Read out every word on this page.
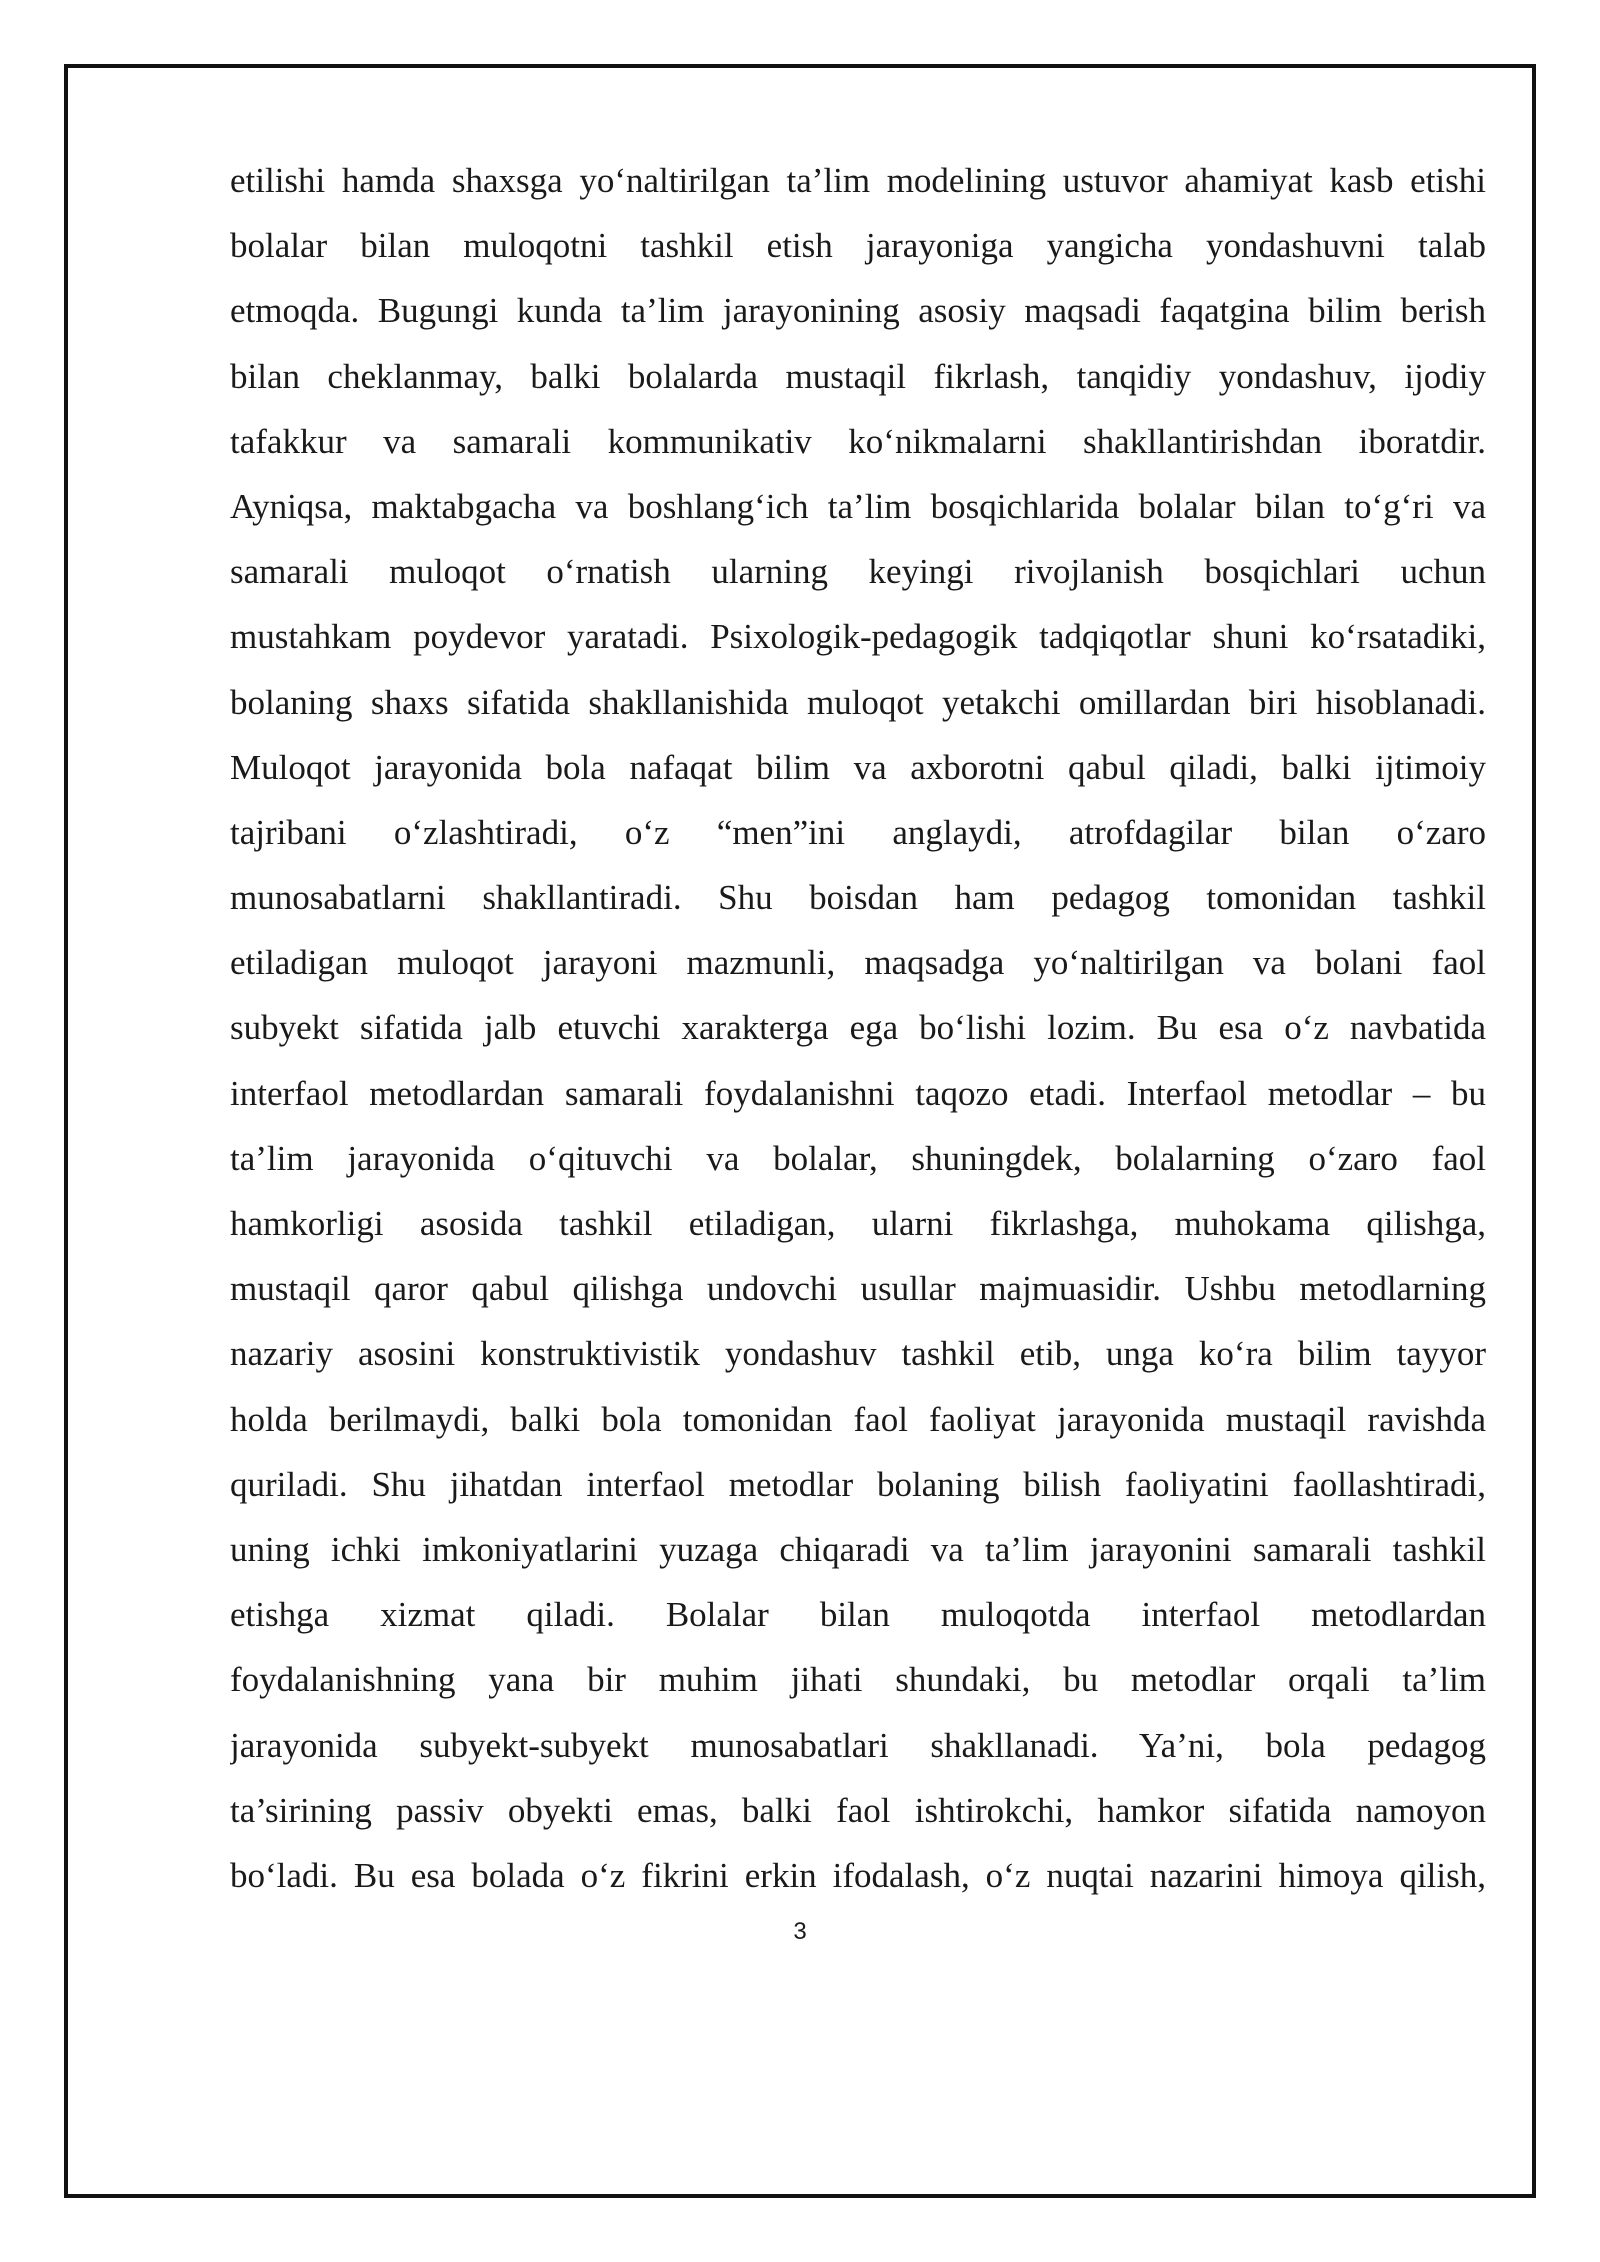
etilishi hamda shaxsga yo‘naltirilgan ta’lim modelining ustuvor ahamiyat kasb etishi
bolalar bilan muloqotni tashkil etish jarayoniga yangicha yondashuvni talab
etmoqda. Bugungi kunda ta’lim jarayonining asosiy maqsadi faqatgina bilim berish
bilan cheklanmay, balki bolalarda mustaqil fikrlash, tanqidiy yondashuv, ijodiy
tafakkur va samarali kommunikativ ko‘nikmalarni shakllantirishdan iboratdir.
Ayniqsa, maktabgacha va boshlang‘ich ta’lim bosqichlarida bolalar bilan to‘g‘ri va
samarali muloqot o‘rnatish ularning keyingi rivojlanish bosqichlari uchun
mustahkam poydevor yaratadi. Psixologik-pedagogik tadqiqotlar shuni ko‘rsatadiki,
bolaning shaxs sifatida shakllanishida muloqot yetakchi omillardan biri hisoblanadi.
Muloqot jarayonida bola nafaqat bilim va axborotni qabul qiladi, balki ijtimoiy
tajribani o‘zlashtiradi, o‘z “men”ini anglaydi, atrofdagilar bilan o‘zaro
munosabatlarni shakllantiradi. Shu boisdan ham pedagog tomonidan tashkil
etiladigan muloqot jarayoni mazmunli, maqsadga yo‘naltirilgan va bolani faol
subyekt sifatida jalb etuvchi xarakterga ega bo‘lishi lozim. Bu esa o‘z navbatida
interfaol metodlardan samarali foydalanishni taqozo etadi. Interfaol metodlar – bu
ta’lim jarayonida o‘qituvchi va bolalar, shuningdek, bolalarning o‘zaro faol
hamkorligi asosida tashkil etiladigan, ularni fikrlashga, muhokama qilishga,
mustaqil qaror qabul qilishga undovchi usullar majmuasidir. Ushbu metodlarning
nazariy asosini konstruktivistik yondashuv tashkil etib, unga ko‘ra bilim tayyor
holda berilmaydi, balki bola tomonidan faol faoliyat jarayonida mustaqil ravishda
quriladi. Shu jihatdan interfaol metodlar bolaning bilish faoliyatini faollashtiradi,
uning ichki imkoniyatlarini yuzaga chiqaradi va ta’lim jarayonini samarali tashkil
etishga xizmat qiladi. Bolalar bilan muloqotda interfaol metodlardan
foydalanishning yana bir muhim jihati shundaki, bu metodlar orqali ta’lim
jarayonida subyekt-subyekt munosabatlari shakllanadi. Ya’ni, bola pedagog
ta’sirining passiv obyekti emas, balki faol ishtirokchi, hamkor sifatida namoyon
bo‘ladi. Bu esa bolada o‘z fikrini erkin ifodalash, o‘z nuqtai nazarini himoya qilish,
3
